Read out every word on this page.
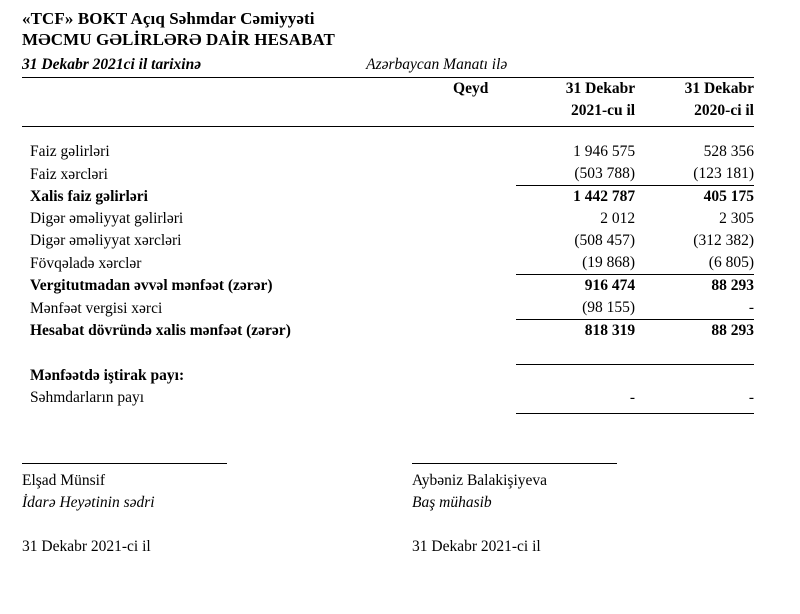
«TCF» BOKT Açıq Səhmdar Cəmiyyəti
MƏCMU GƏLİRLƏRƏ DAİR HESABAT
31 Dekabr 2021ci il tarixinə	Azərbaycan Manatı ilə
	Qeyd	31 Dekabr	31 Dekabr
		2021-cu il	2020-ci il

Faiz gəlirləri		1 946 575	528 356
Faiz xərcləri		(503 788)	(123 181)
Xalis faiz gəlirləri		1 442 787	405 175
Digər əməliyyat gəlirləri		2 012	2 305
Digər əməliyyat xərcləri		(508 457)	(312 382)
Fövqəladə xərclər		(19 868)	(6 805)
Vergitutmadan əvvəl mənfəət (zərər)		916 474	88 293
Mənfəət vergisi xərci		(98 155)	-
Hesabat dövründə xalis mənfəət (zərər)		818 319	88 293

Mənfəətdə iştirak payı:			
Səhmdarların payı		-	-

Elşad Münsif
İdarə Heyətinin sədri
31 Dekabr 2021-ci il
Aybəniz Balakişiyeva
Baş mühasib
31 Dekabr 2021-ci il
